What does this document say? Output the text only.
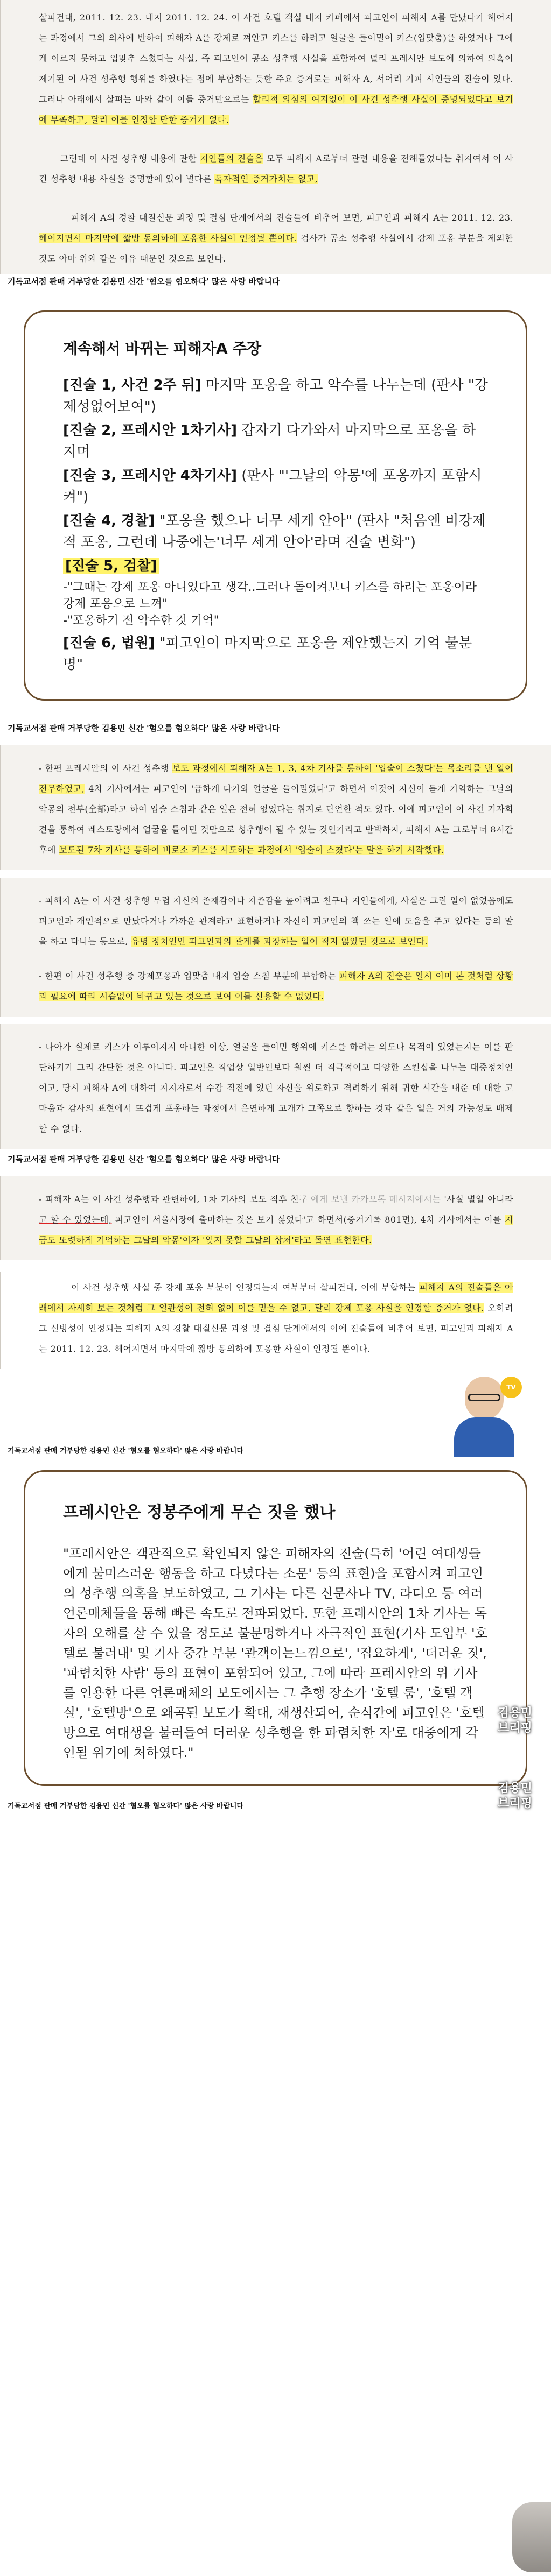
살피건대, 2011. 12. 23. 내지 2011. 12. 24. 이 사건 호텔 객실 내지 카페에서 피고인이 피해자 A를 만났다가 헤어지는 과정에서 그의 의사에 반하여 피해자 A를 강제로 껴안고 키스를 하려고 얼굴을 들이밀어 키스(입맞춤)를 하였거나 그에게 이르지 못하고 입맞추 스쳤다는 사실, 즉 피고인이 공소 성추행 사실을 포함하여 널리 프레시안 보도에 의하여 의혹이 제기된 이 사건 성추행 행위를 하였다는 점에 부합하는 듯한 주요 증거로는 피해자 A, 서어리 기피 시인들의 진술이 있다. 그러나 아래에서 살펴는 바와 같이 이들 증거만으로는 합리적 의심의 여지없이 이 사건 성추행 사실이 증명되었다고 보기에 부족하고, 달리 이를 인정할 만한 증거가 없다.

그런데 이 사건 성추행 내용에 관한 지인들의 진술은 모두 피해자 A로부터 관련 내용을 전해들었다는 취지여서 이 사건 성추행 내용 사실을 증명할에 있어 별다른 독자적인 증거가치는 없고,

피해자 A의 경찰 대질신문 과정 및 결심 단계에서의 진술들에 비추어 보면, 피고인과 피해자 A는 2011. 12. 23. 헤어지면서 마지막에 짧방 동의하에 포옹한 사실이 인정될 뿐이다. 검사가 공소 성추행 사실에서 강제 포옹 부분을 제외한 것도 아마 위와 같은 이유 때문인 것으로 보인다.

기독교서점 판매 거부당한 김용민 신간 '혐오를 혐오하다' 많은 사랑 바랍니다
계속해서 바뀌는 피해자A 주장
[진술 1, 사건 2주 뒤] 마지막 포옹을 하고 악수를 나누는데 (판사 "강제성없어보여")
[진술 2, 프레시안 1차기사] 갑자기 다가와서 마지막으로 포옹을 하지며
[진술 3, 프레시안 4차기사] (판사 "'그날의 악몽'에 포옹까지 포함시켜")
[진술 4, 경찰] "포옹을 했으나 너무 세게 안아" (판사 "처음엔 비강제적 포옹, 그런데 나중에는'너무 세게 안아'라며 진술 변화")
[진술 5, 검찰]
-"그때는 강제 포옹 아니었다고 생각..그러나 돌이켜보니 키스를 하려는 포옹이라 강제 포옹으로 느껴"
-"포옹하기 전 악수한 것 기억"
[진술 6, 법원] "피고인이 마지막으로 포옹을 제안했는지 기억 불분명"
기독교서점 판매 거부당한 김용민 신간 '혐오를 혐오하다' 많은 사랑 바랍니다

- 한편 프레시안의 이 사건 성추행 보도 과정에서 피해자 A는 1, 3, 4차 기사를 통하여 '입술이 스쳤다'는 목소리를 낸 일이 전무하였고, 4차 기사에서는 피고인이 '급하게 다가와 얼굴을 들이밀었다'고 하면서 이것이 자신이 듣게 기억하는 그날의 악몽의 전부(全部)라고 하여 입술 스침과 같은 일은 전혀 없었다는 취지로 단언한 적도 있다. 이에 피고인이 이 사건 기자회견을 통하여 레스토랑에서 얼굴을 들이민 것만으로 성추행이 될 수 있는 것인가라고 반박하자, 피해자 A는 그로부터 8시간 후에 보도된 7차 기사를 통하여 비로소 키스를 시도하는 과정에서 '입술이 스쳤다'는 말을 하기 시작했다.

- 피해자 A는 이 사건 성추행 무렵 자신의 존재감이나 자존감을 높이려고 친구나 지인들에게, 사실은 그런 일이 없었음에도 피고인과 개인적으로 만났다거나 가까운 관계라고 표현하거나 자신이 피고인의 책 쓰는 일에 도움을 주고 있다는 등의 말을 하고 다니는 등으로, 유명 정치인인 피고인과의 관계를 과장하는 일이 적지 않았던 것으로 보인다.

- 한편 이 사건 성추행 중 강제포옹과 입맞춤 내지 입술 스침 부분에 부합하는 피해자 A의 진술은 일시 이미 본 것처럼 상황과 필요에 따라 시습없이 바뀌고 있는 것으로 보여 이를 신용할 수 없었다.

- 나아가 실제로 키스가 이루어지지 아니한 이상, 얼굴을 들이민 행위에 키스를 하려는 의도나 목적이 있었는지는 이를 판단하기가 그리 간단한 것은 아니다. 피고인은 직업상 일반인보다 훨씬 더 직극적이고 다양한 스킨십을 나누는 대중정치인이고, 당시 피해자 A에 대하여 지지자로서 수감 직전에 있던 자신을 위로하고 격려하기 위해 귀한 시간을 내준 데 대한 고마움과 감사의 표현에서 뜨겁게 포옹하는 과정에서 은연하게 고개가 그쪽으로 향하는 것과 같은 일은 거의 가능성도 배제할 수 없다.

기독교서점 판매 거부당한 김용민 신간 '혐오를 혐오하다' 많은 사랑 바랍니다

- 피해자 A는 이 사건 성추행과 관련하여, 1차 기사의 보도 직후 친구 에게 보낸 카카오톡 메시지에서는 '사실 별일 아니라고 할 수 있었는데, 피고인이 서울시장에 출마하는 것은 보기 싫었다'고 하면서(증거기록 801면), 4차 기사에서는 이를 지금도 또렷하게 기억하는 그날의 악몽'이자 '잊지 못할 그날의 상처'라고 돌연 표현한다.

이 사건 성추행 사실 중 강제 포옹 부분이 인정되는지 여부부터 살피건대, 이에 부합하는 피해자 A의 진술들은 아래에서 자세히 보는 것처럼 그 일관성이 전혀 없어 이를 믿을 수 없고, 달리 강제 포옹 사실을 인정할 증거가 없다. 오히려 그 신빙성이 인정되는 피해자 A의 경찰 대질신문 과정 및 결심 단계에서의 이에 진술들에 비추어 보면, 피고인과 피해자 A는 2011. 12. 23. 헤어지면서 마지막에 짧방 동의하에 포옹한 사실이 인정될 뿐이다.

김용민
브리핑
김용민
브리핑
TV
기독교서점 판매 거부당한 김용민 신간 '혐오를 혐오하다' 많은 사랑 바랍니다
프레시안은 정봉주에게 무슨 짓을 했나
"프레시안은 객관적으로 확인되지 않은 피해자의 진술(특히 '어린 여대생들에게 불미스러운 행동을 하고 다녔다는 소문' 등의 표현)을 포함시켜 피고인의 성추행 의혹을 보도하였고, 그 기사는 다른 신문사나 TV, 라디오 등 여러 언론매체들을 통해 빠른 속도로 전파되었다. 또한 프레시안의 1차 기사는 독자의 오해를 살 수 있을 정도로 불분명하거나 자극적인 표현(기사 도입부 '호텔로 불러내' 및 기사 중간 부분 '관객이는느낌으로', '집요하게', '더러운 짓', '파렴치한 사람' 등의 표현이 포함되어 있고, 그에 따라 프레시안의 위 기사를 인용한 다른 언론매체의 보도에서는 그 추행 장소가 '호텔 룸', '호텔 객실', '호텔방'으로 왜곡된 보도가 확대, 재생산되어, 순식간에 피고인은 '호텔방으로 여대생을 불러들여 더러운 성추행을 한 파렴치한 자'로 대중에게 각인될 위기에 처하였다."
기독교서점 판매 거부당한 김용민 신간 '혐오를 혐오하다' 많은 사랑 바랍니다
